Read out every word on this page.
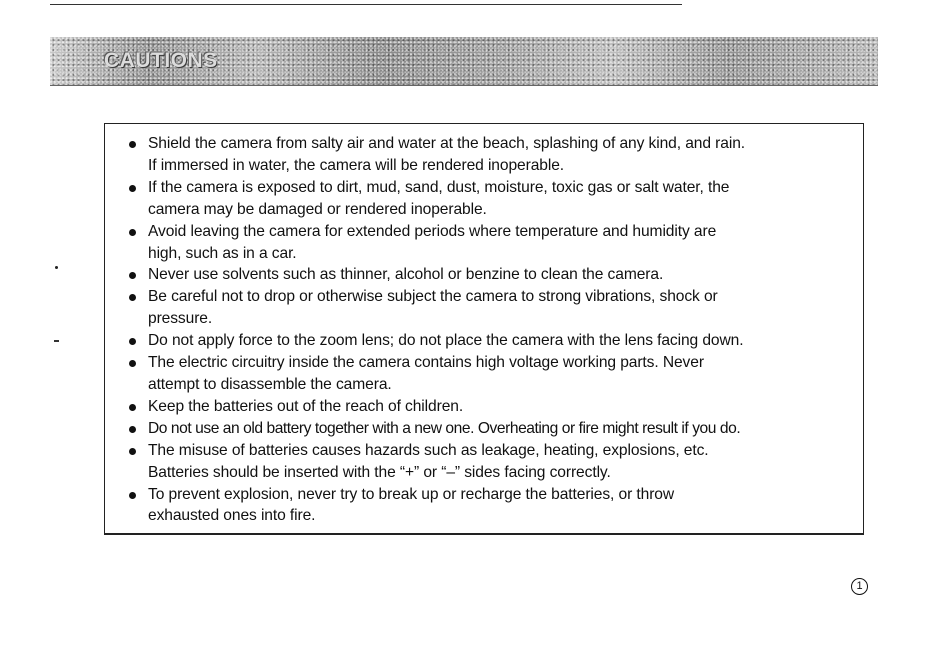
CAUTIONS
Shield the camera from salty air and water at the beach, splashing of any kind, and rain.
If immersed in water, the camera will be rendered inoperable.
If the camera is exposed to dirt, mud, sand, dust, moisture, toxic gas or salt water, the
camera may be damaged or rendered inoperable.
Avoid leaving the camera for extended periods where temperature and humidity are
high, such as in a car.
Never use solvents such as thinner, alcohol or benzine to clean the camera.
Be careful not to drop or otherwise subject the camera to strong vibrations, shock or
pressure.
Do not apply force to the zoom lens; do not place the camera with the lens facing down.
The electric circuitry inside the camera contains high voltage working parts. Never
attempt to disassemble the camera.
Keep the batteries out of the reach of children.
Do not use an old battery together with a new one. Overheating or fire might result if you do.
The misuse of batteries causes hazards such as leakage, heating, explosions, etc.
Batteries should be inserted with the “+” or “–” sides facing correctly.
To prevent explosion, never try to break up or recharge the batteries, or throw
exhausted ones into fire.
1
